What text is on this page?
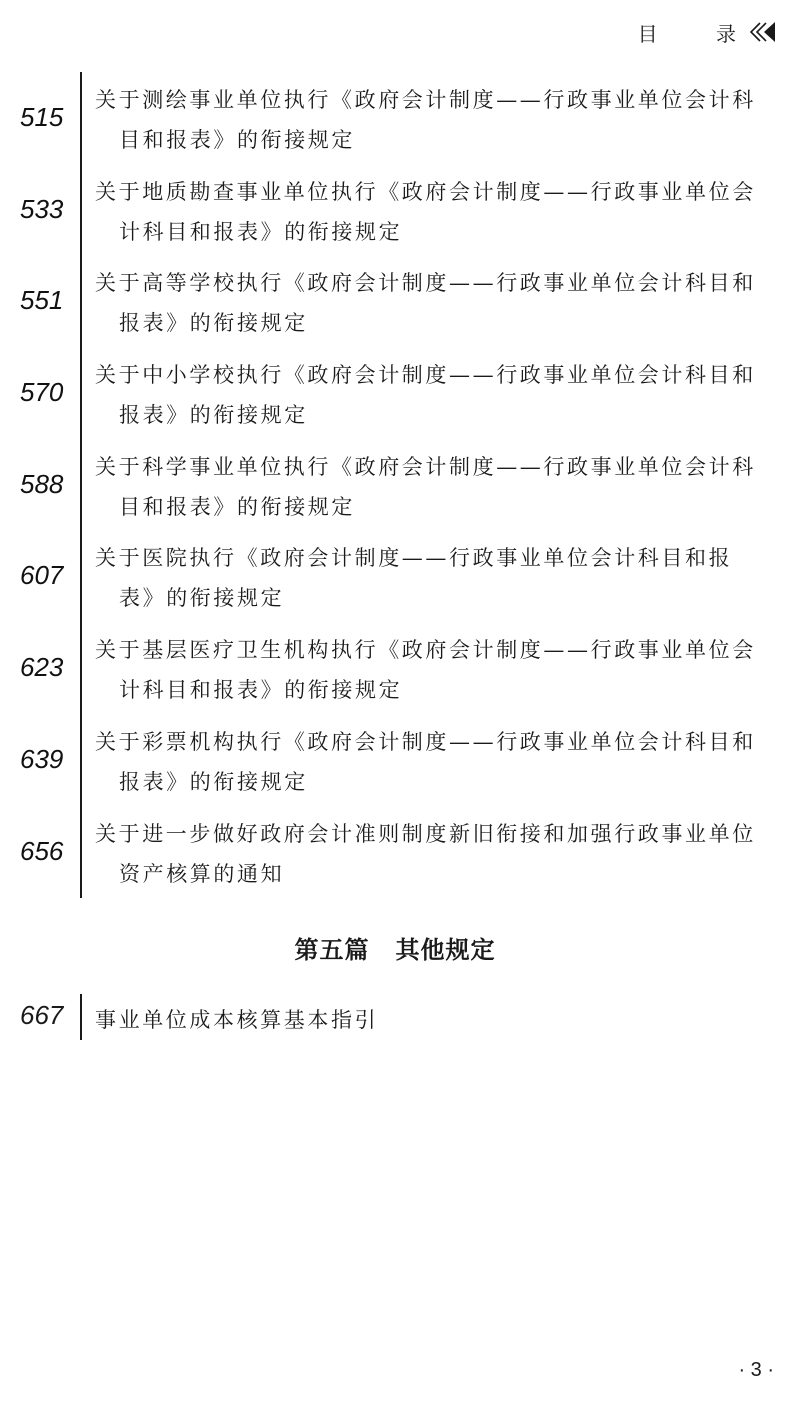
目 录
515
关于测绘事业单位执行《政府会计制度——行政事业单位会计科
目和报表》的衔接规定
533
关于地质勘查事业单位执行《政府会计制度——行政事业单位会
计科目和报表》的衔接规定
551
关于高等学校执行《政府会计制度——行政事业单位会计科目和
报表》的衔接规定
570
关于中小学校执行《政府会计制度——行政事业单位会计科目和
报表》的衔接规定
588
关于科学事业单位执行《政府会计制度——行政事业单位会计科
目和报表》的衔接规定
607
关于医院执行《政府会计制度——行政事业单位会计科目和报
表》的衔接规定
623
关于基层医疗卫生机构执行《政府会计制度——行政事业单位会
计科目和报表》的衔接规定
639
关于彩票机构执行《政府会计制度——行政事业单位会计科目和
报表》的衔接规定
656
关于进一步做好政府会计准则制度新旧衔接和加强行政事业单位
资产核算的通知
第五篇 其他规定
667 事业单位成本核算基本指引
· 3 ·
